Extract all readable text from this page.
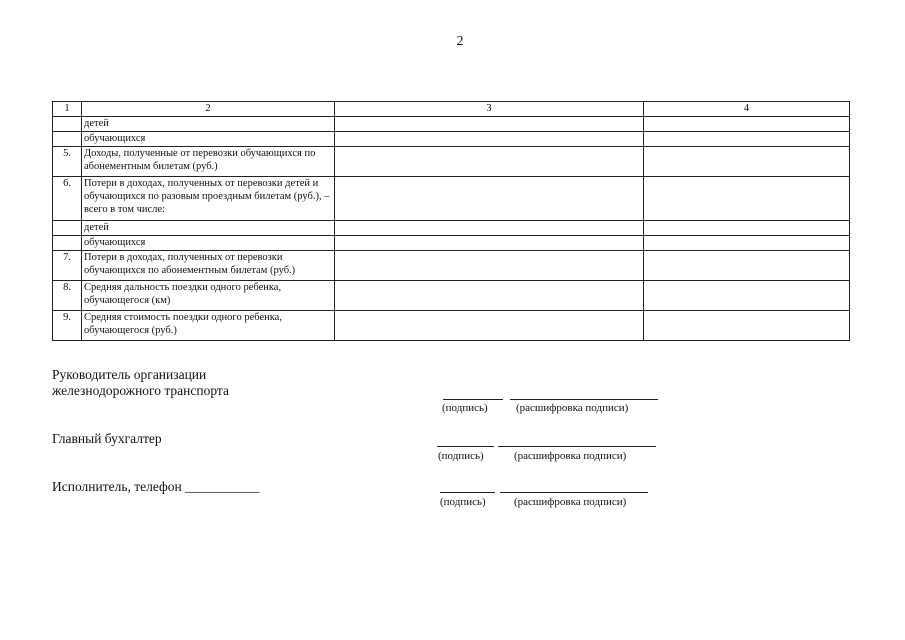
2
1	2	3	4
	детей		
	обучающихся		
5.	Доходы, полученные от перевозки обучающихся по абонементным билетам (руб.)		
6.	Потери в доходах, полученных от перевозки детей и обучающихся по разовым проездным билетам (руб.), – всего в том числе:		
	детей		
	обучающихся		
7.	Потери в доходах, полученных от перевозки обучающихся по абонементным билетам (руб.)		
8.	Средняя дальность поездки одного ребенка, обучающегося (км)		
9.	Средняя стоимость поездки одного ребенка, обучающегося (руб.)		
Руководитель организации
железнодорожного транспорта
(подпись)	(расшифровка подписи)
Главный бухгалтер
(подпись)	(расшифровка подписи)
Исполнитель, телефон ___________
(подпись)	(расшифровка подписи)
